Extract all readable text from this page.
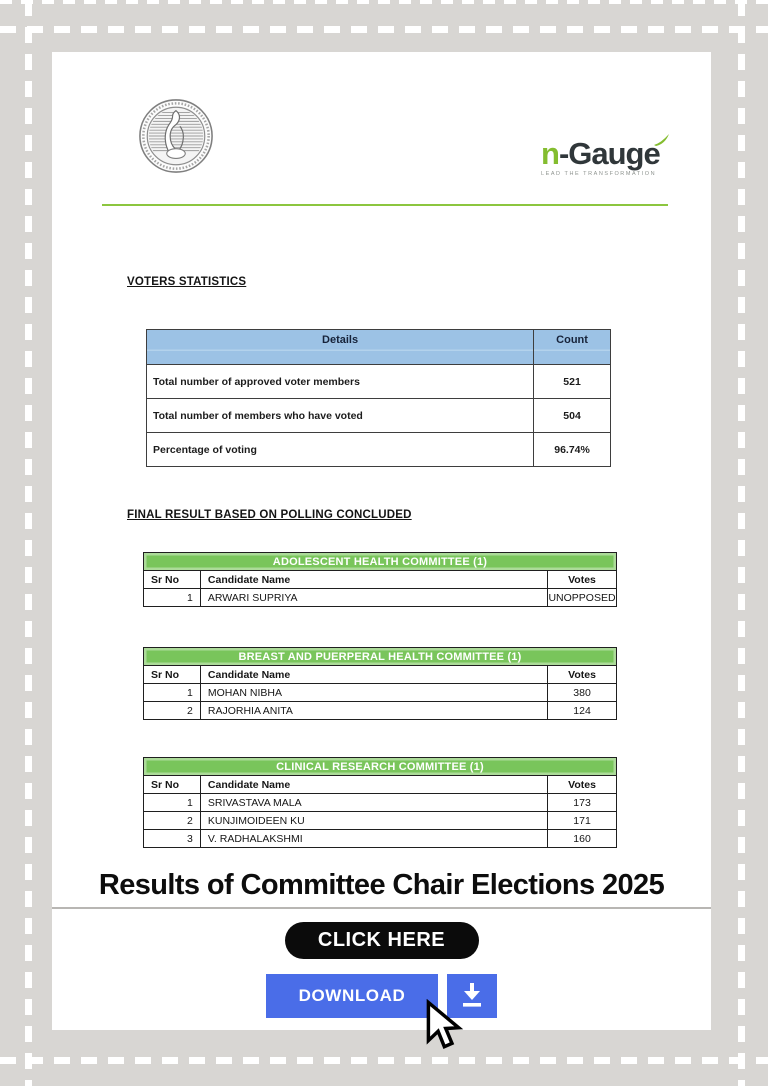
n-Gauge
LEAD THE TRANSFORMATION
VOTERS STATISTICS
Details	Count
Total number of approved voter members	521
Total number of members who have voted	504
Percentage of voting	96.74%
FINAL RESULT BASED ON POLLING CONCLUDED
ADOLESCENT HEALTH COMMITTEE (1)		
Sr No	Candidate Name	Votes
1	ARWARI SUPRIYA	UNOPPOSED
BREAST AND PUERPERAL HEALTH COMMITTEE (1)		
Sr No	Candidate Name	Votes
1	MOHAN NIBHA	380
2	RAJORHIA ANITA	124
CLINICAL RESEARCH COMMITTEE (1)		
Sr No	Candidate Name	Votes
1	SRIVASTAVA MALA	173
2	KUNJIMOIDEEN KU	171
3	V. RADHALAKSHMI	160
Results of Committee Chair Elections 2025
CLICK HERE
DOWNLOAD
